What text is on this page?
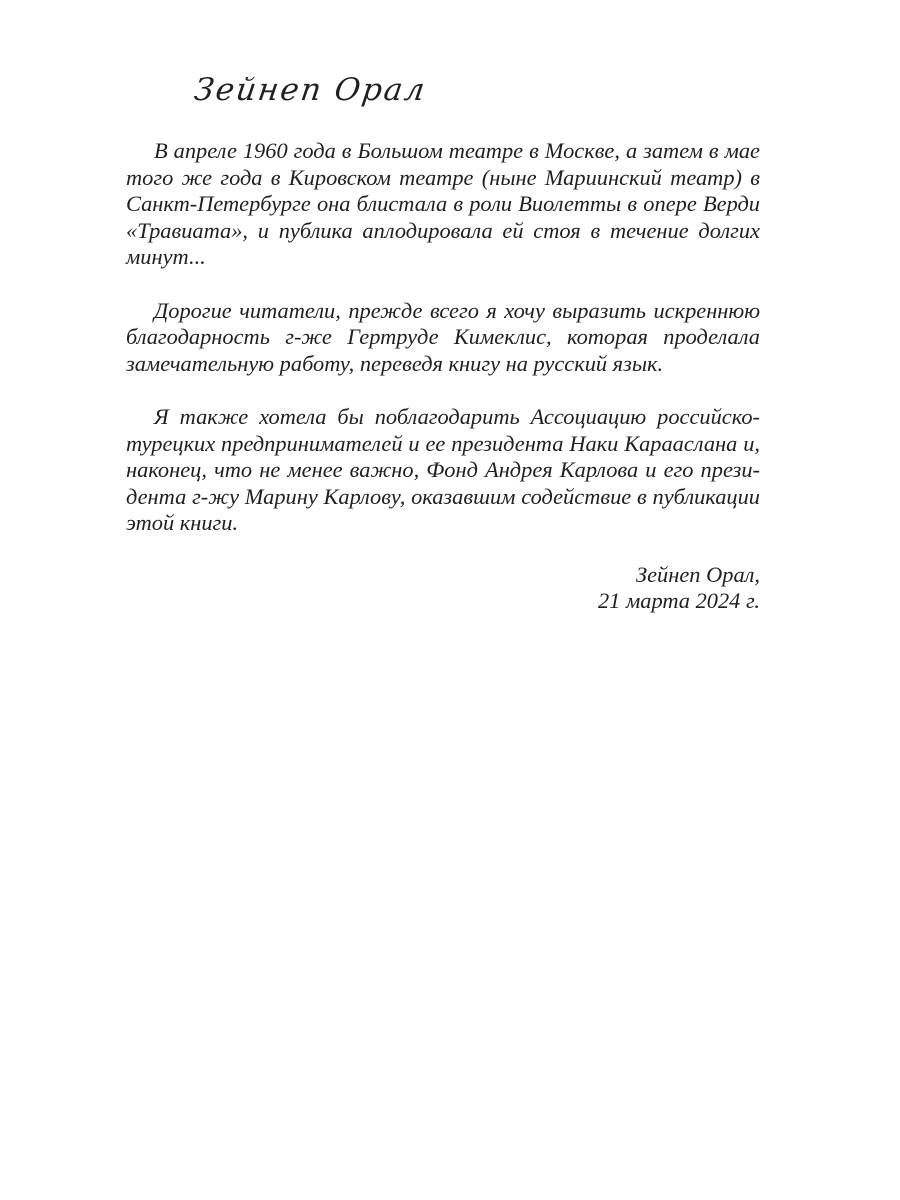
Зейнеп Орал

В апреле 1960 года в Большом театре в Москве, а затем в мае того же года в Кировском театре (ныне Мариинский театр) в Санкт-Петербурге она блистала в роли Виолетты в опере Верди «Травиата», и публика аплодировала ей стоя в течение долгих минут...

Дорогие читатели, прежде всего я хочу выразить искреннюю благодарность г-же Гертруде Кимеклис, которая проделала замечательную работу, переведя книгу на русский язык.

Я также хотела бы поблагодарить Ассоциацию российско-турецких предпринимателей и ее президента Наки Карааслана и, наконец, что не менее важно, Фонд Андрея Карлова и его президента г-жу Марину Карлову, оказавшим содействие в публикации этой книги.

Зейнеп Орал,
21 марта 2024 г.
